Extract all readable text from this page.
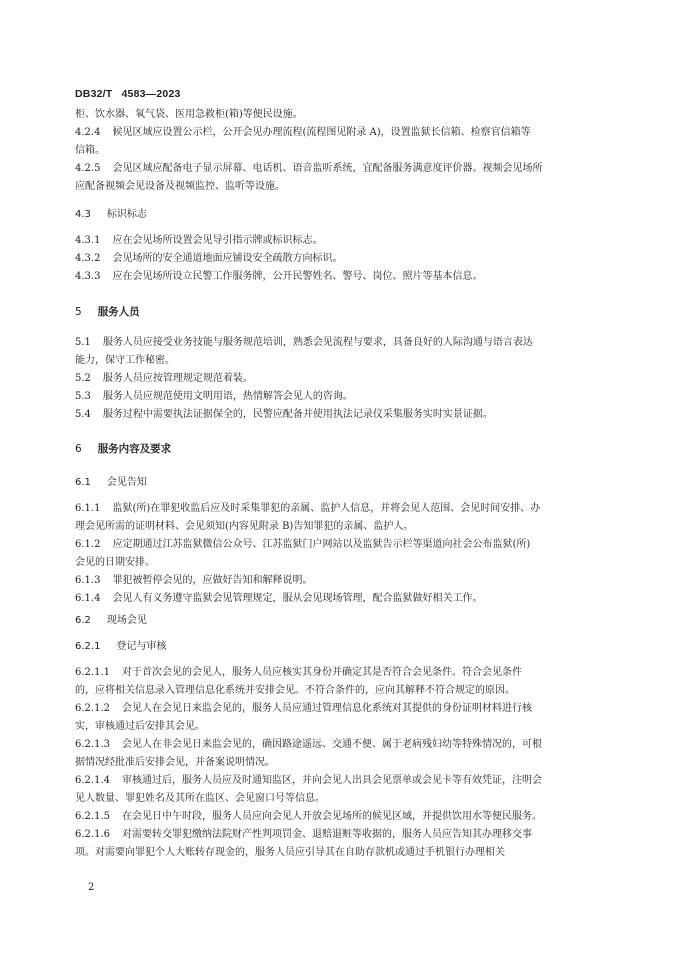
DB32/T 4583—2023
柜、饮水器、氧气袋、医用急救柜(箱)等便民设施。
4.2.4 候见区域应设置公示栏，公开会见办理流程(流程图见附录 A)，设置监狱长信箱、检察官信箱等
信箱。
4.2.5 会见区域应配备电子显示屏幕、电话机、语音监听系统，宜配备服务满意度评价器。视频会见场所
应配备视频会见设备及视频监控、监听等设施。
4.3 标识标志
4.3.1 应在会见场所设置会见导引指示牌或标识标志。
4.3.2 会见场所的安全通道地面应铺设安全疏散方向标识。
4.3.3 应在会见场所设立民警工作服务牌，公开民警姓名、警号、岗位、照片等基本信息。
5 服务人员
5.1 服务人员应接受业务技能与服务规范培训，熟悉会见流程与要求，具备良好的人际沟通与语言表达
能力，保守工作秘密。
5.2 服务人员应按管理规定规范着装。
5.3 服务人员应规范使用文明用语，热情解答会见人的咨询。
5.4 服务过程中需要执法证据保全的，民警应配备并使用执法记录仪采集服务实时实景证据。
6 服务内容及要求
6.1 会见告知
6.1.1 监狱(所)在罪犯收监后应及时采集罪犯的亲属、监护人信息，并将会见人范围、会见时间安排、办
理会见所需的证明材料、会见须知(内容见附录 B)告知罪犯的亲属、监护人。
6.1.2 应定期通过江苏监狱微信公众号、江苏监狱门户网站以及监狱告示栏等渠道向社会公布监狱(所)
会见的日期安排。
6.1.3 罪犯被暂停会见的，应做好告知和解释说明。
6.1.4 会见人有义务遵守监狱会见管理规定，服从会见现场管理，配合监狱做好相关工作。
6.2 现场会见
6.2.1 登记与审核
6.2.1.1 对于首次会见的会见人，服务人员应核实其身份并确定其是否符合会见条件。符合会见条件
的，应将相关信息录入管理信息化系统并安排会见。不符合条件的，应向其解释不符合规定的原因。
6.2.1.2 会见人在会见日来监会见的，服务人员应通过管理信息化系统对其提供的身份证明材料进行核
实，审核通过后安排其会见。
6.2.1.3 会见人在非会见日来监会见的，确因路途遥远、交通不便、属于老病残妇幼等特殊情况的，可根
据情况经批准后安排会见，并备案说明情况。
6.2.1.4 审核通过后，服务人员应及时通知监区，并向会见人出具会见票单或会见卡等有效凭证，注明会
见人数量、罪犯姓名及其所在监区、会见窗口号等信息。
6.2.1.5 在会见日中午时段，服务人员应向会见人开放会见场所的候见区域，并提供饮用水等便民服务。
6.2.1.6 对需要转交罪犯缴纳法院财产性判项罚金、退赔退赃等收据的，服务人员应告知其办理移交事
项。对需要向罪犯个人大账转存现金的，服务人员应引导其在自助存款机或通过手机银行办理相关
2
